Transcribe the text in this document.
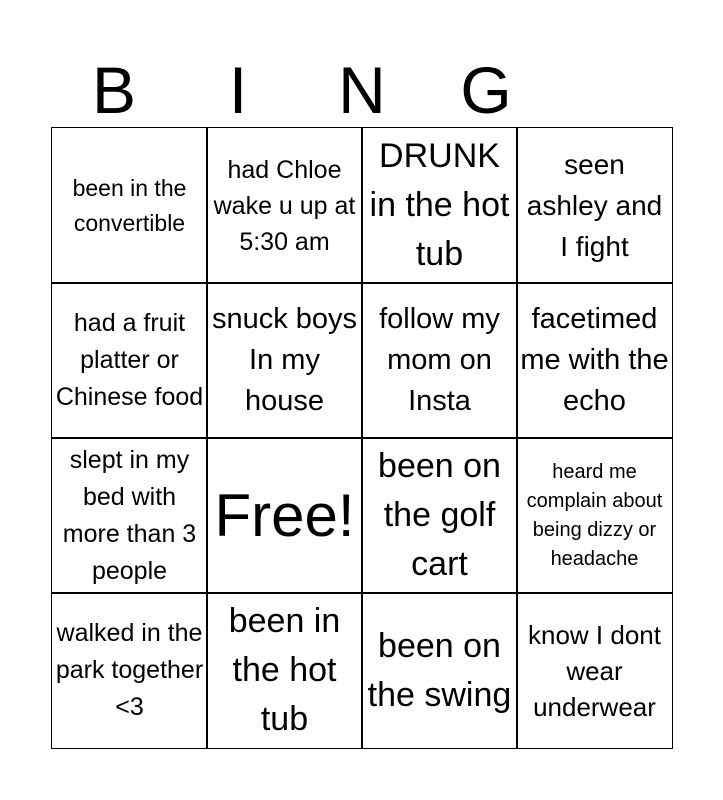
B	I	N	G
been in the convertible
had Chloe wake u up at 5:30 am
DRUNK in the hot tub
seen ashley and I fight
had a fruit platter or Chinese food
snuck boys In my house
follow my mom on Insta
facetimed me with the echo
slept in my bed with more than 3 people
Free!
been on the golf cart
heard me complain about being dizzy or headache
walked in the park together <3
been in the hot tub
been on the swing
know I dont wear underwear
